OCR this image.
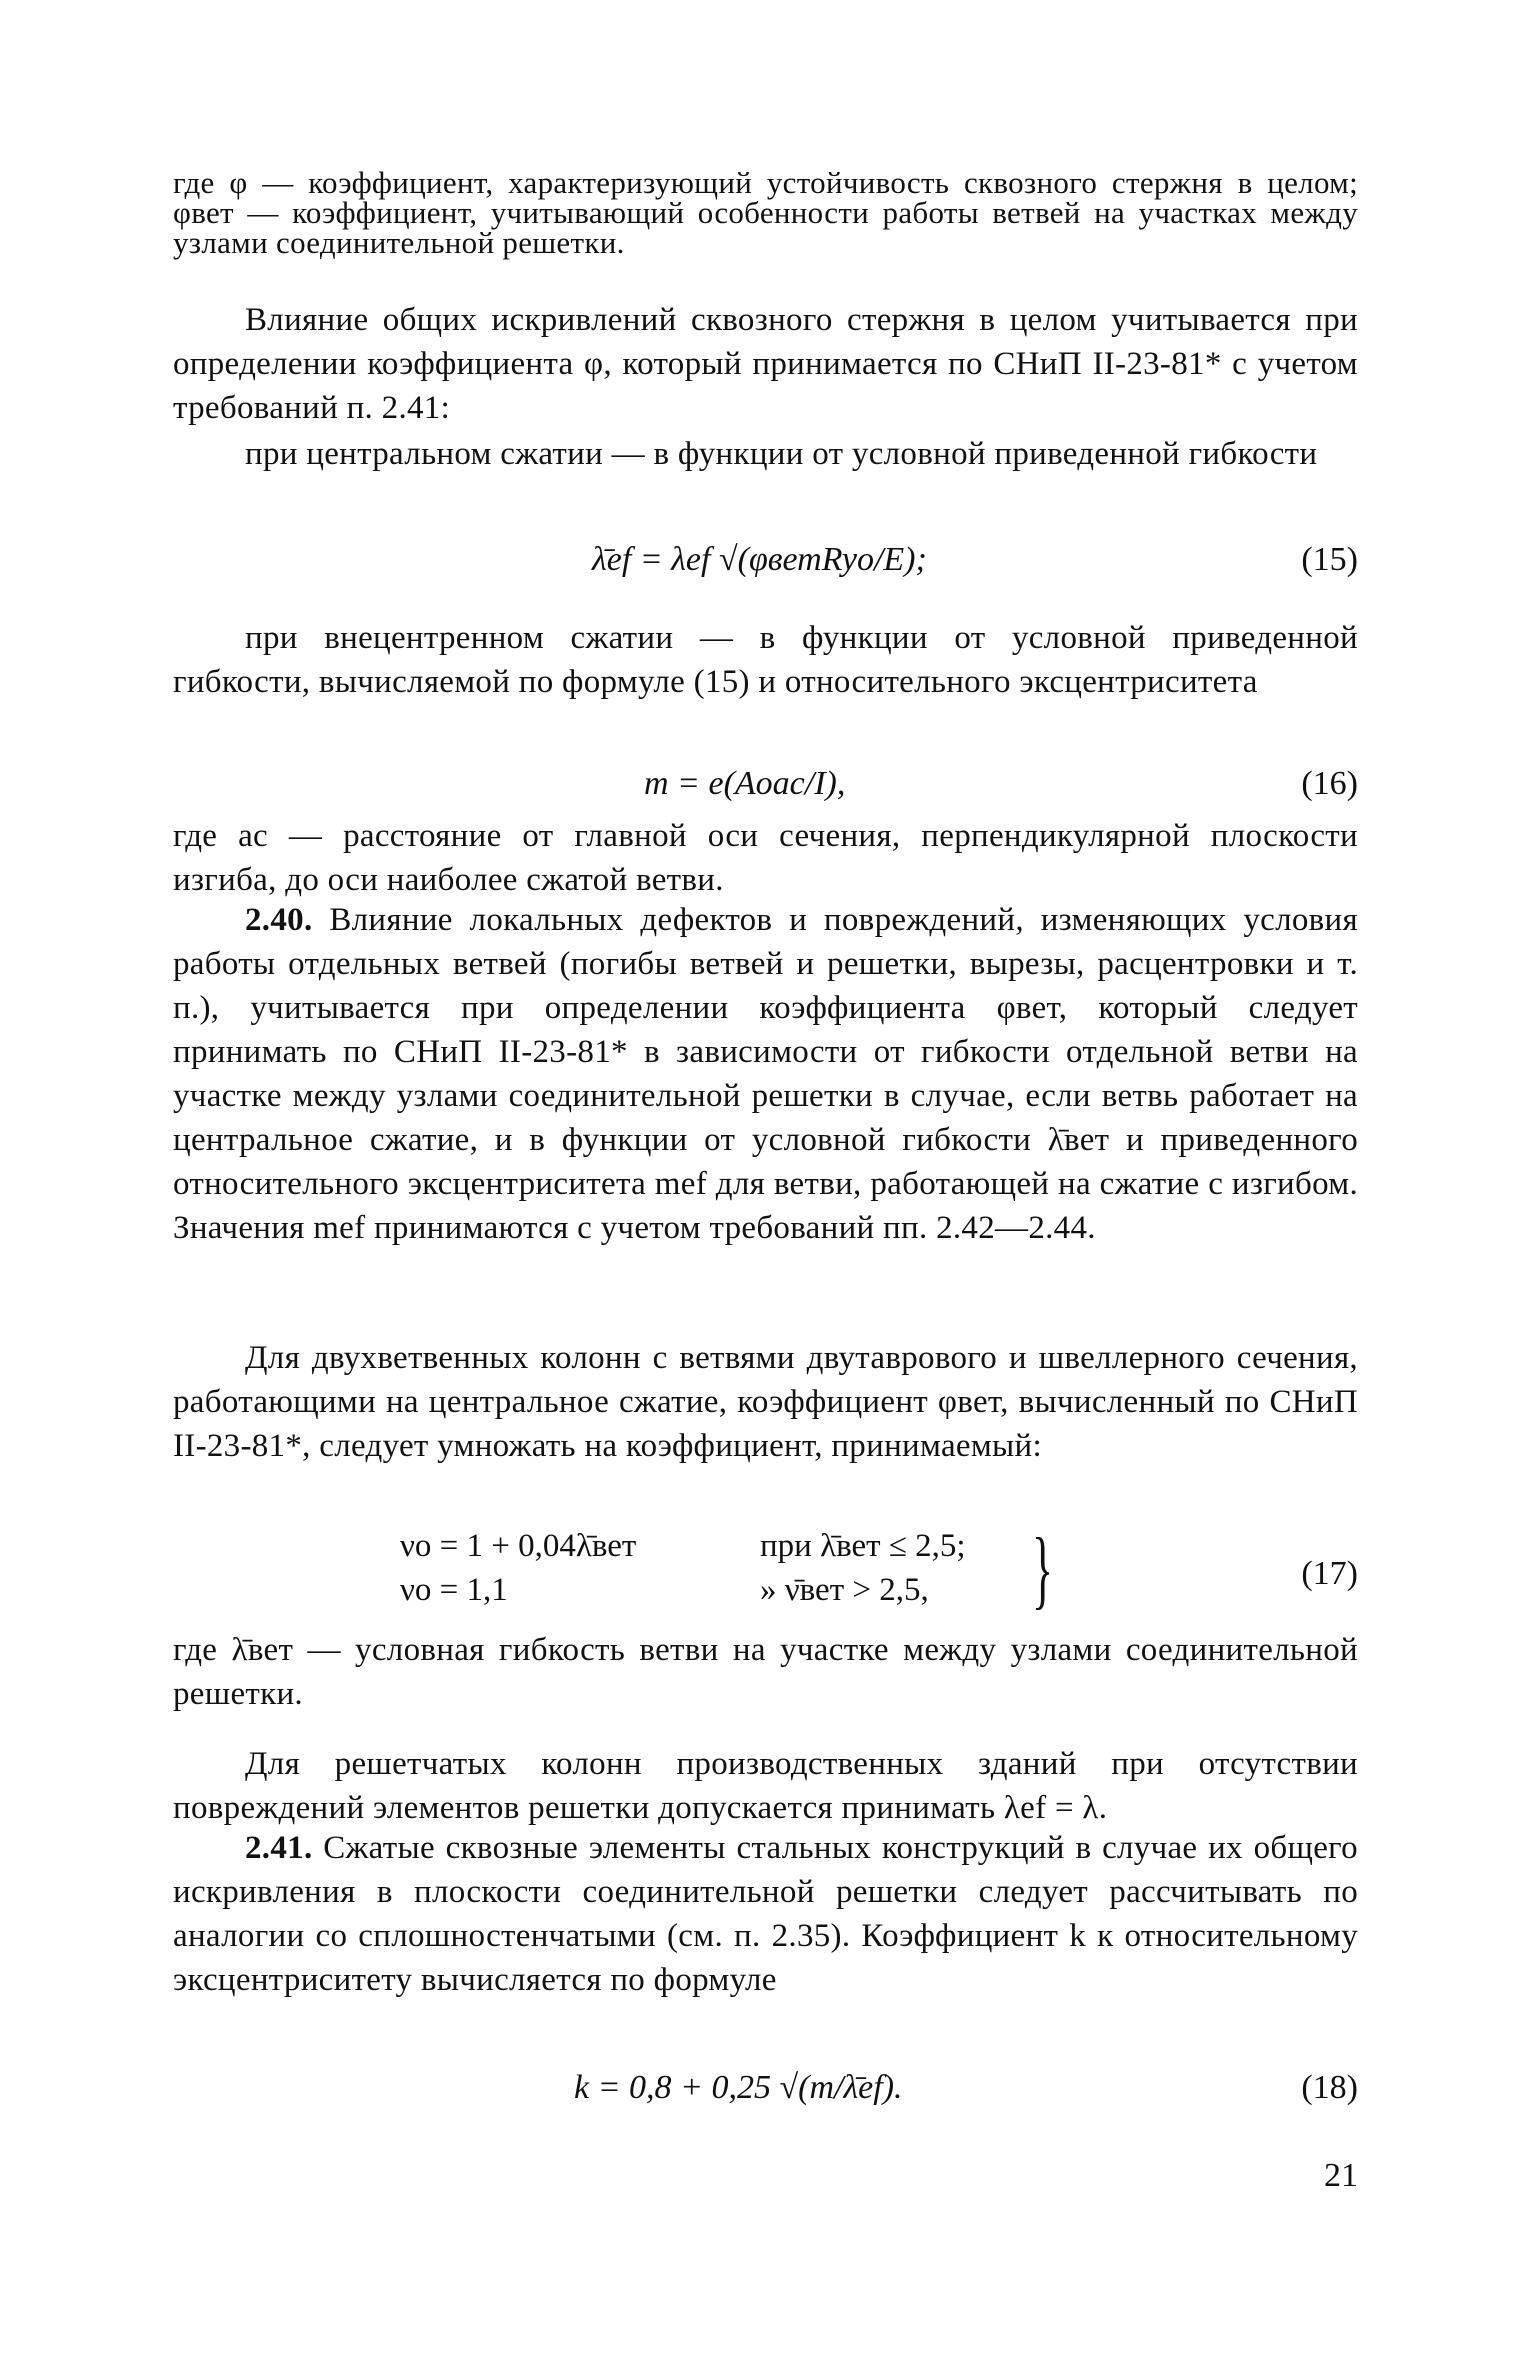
где φ — коэффициент, характеризующий устойчивость сквозного стержня в целом; φвет — коэффициент, учитывающий особенности работы ветвей на участках между узлами соединительной решетки.

Влияние общих искривлений сквозного стержня в целом учитывается при определении коэффициента φ, который принимается по СНиП II-23-81* с учетом требований п. 2.41:

при центральном сжатии — в функции от условной приведенной гибкости

λ̄ef = λef √(φветRyo/E);	(15)

при внецентренном сжатии — в функции от условной приведенной гибкости, вычисляемой по формуле (15) и относительного эксцентриситета

m = e(Aoac/I),	(16)

где ac — расстояние от главной оси сечения, перпендикулярной плоскости изгиба, до оси наиболее сжатой ветви.

2.40. Влияние локальных дефектов и повреждений, изменяющих условия работы отдельных ветвей (погибы ветвей и решетки, вырезы, расцентровки и т. п.), учитывается при определении коэффициента φвет, который следует принимать по СНиП II-23-81* в зависимости от гибкости отдельной ветви на участке между узлами соединительной решетки в случае, если ветвь работает на центральное сжатие, и в функции от условной гибкости λ̄вет и приведенного относительного эксцентриситета mef для ветви, работающей на сжатие с изгибом. Значения mef принимаются с учетом требований пп. 2.42—2.44.

Для двухветвенных колонн с ветвями двутаврового и швеллерного сечения, работающими на центральное сжатие, коэффициент φвет, вычисленный по СНиП II-23-81*, следует умножать на коэффициент, принимаемый:

νo = 1 + 0,04λ̄вет	при λ̄вет ≤ 2,5;
νo = 1,1	» ν̄вет > 2,5, }	(17)

где λ̄вет — условная гибкость ветви на участке между узлами соединительной решетки.

Для решетчатых колонн производственных зданий при отсутствии повреждений элементов решетки допускается принимать λef = λ.

2.41. Сжатые сквозные элементы стальных конструкций в случае их общего искривления в плоскости соединительной решетки следует рассчитывать по аналогии со сплошностенчатыми (см. п. 2.35). Коэффициент k к относительному эксцентриситету вычисляется по формуле

k = 0,8 + 0,25 √(m/λ̄ef).	(18)
21
